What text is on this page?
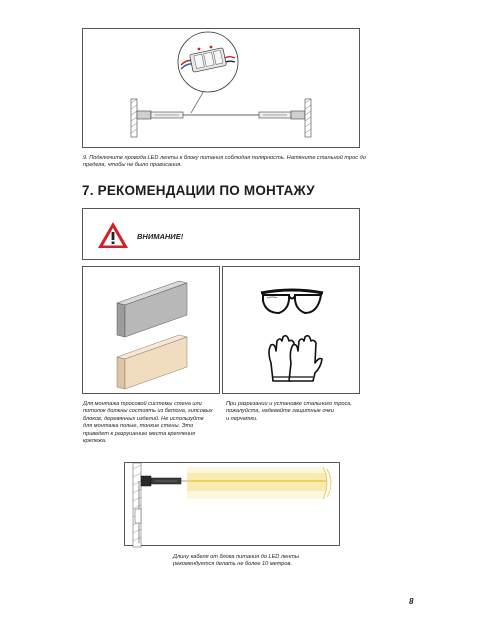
9. Подключите провода LED ленты к блоку питания соблюдая полярность. Натяните стальной трос до
предела, чтобы не было провисания.
7. РЕКОМЕНДАЦИИ ПО МОНТАЖУ
ВНИМАНИЕ!
Для монтажа тросовой системы стена или
потолок должны состоять из бетона, гипсовых
блоков, деревянных изделий. Не используйте
для монтажа полые, тонкие стены. Это
приведет к разрушению места крепления
крепежа.
При разрезании и установке стального троса,
пожалуйста, надевайте защитные очки
и перчатки.
Длину кабеля от блока питания до LED ленты
рекомендуется делать не более 10 метров.
8
